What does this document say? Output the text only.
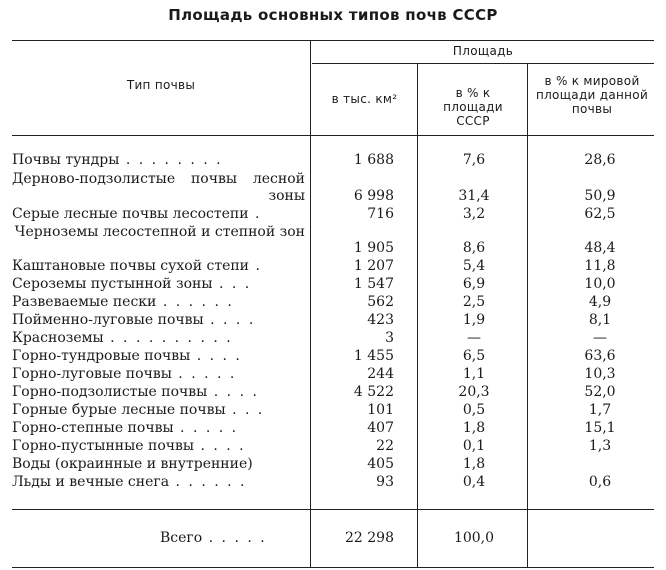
Площадь основных типов почв СССР
Тип почвы
Площадь
в тыс. км²	в % к площади СССР
в % к мировой площади данной почвы
Почвы тундры . . . . . . . .	1 688	7,6	28,6
Дерново-подзолистые почвы лесной зоны	6 998	31,4	50,9
Серые лесные почвы лесостепи .	716	3,2	62,5
Черноземы лесостепной и степной зон
1 905	8,6	48,4
Каштановые почвы сухой степи .	1 207	5,4	11,8
Сероземы пустынной зоны . . .	1 547	6,9	10,0
Развеваемые пески . . . . . .	562	2,5	4,9
Пойменно-луговые почвы . . . .	423	1,9	8,1
Красноземы . . . . . . . . . .	3	—	—
Горно-тундровые почвы . . . .	1 455	6,5	63,6
Горно-луговые почвы . . . . .	244	1,1	10,3
Горно-подзолистые почвы . . . .	4 522	20,3	52,0
Горные бурые лесные почвы . . .	101	0,5	1,7
Горно-степные почвы . . . . .	407	1,8	15,1
Горно-пустынные почвы . . . .	22	0,1	1,3
Воды (окраинные и внутренние)	405	1,8
Льды и вечные снега . . . . . .	93	0,4	0,6
Всего . . . . .	22 298	100,0
